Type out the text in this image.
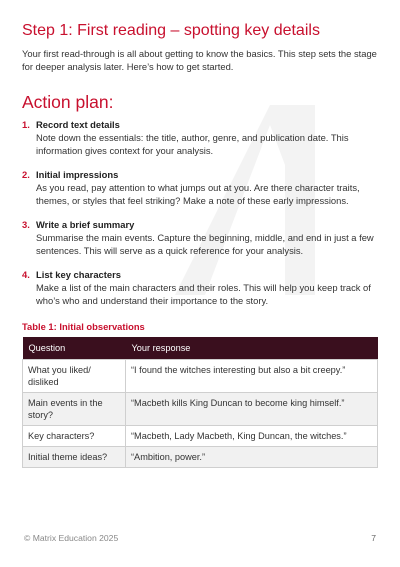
Step 1: First reading – spotting key details

Your first read-through is all about getting to know the basics. This step sets the stage for deeper analysis later. Here’s how to get started.

Action plan:
1. Record text details
Note down the essentials: the title, author, genre, and publication date. This information gives context for your analysis.
2. Initial impressions
As you read, pay attention to what jumps out at you. Are there character traits, themes, or styles that feel striking? Make a note of these early impressions.
3. Write a brief summary
Summarise the main events. Capture the beginning, middle, and end in just a few sentences. This will serve as a quick reference for your analysis.
4. List key characters
Make a list of the main characters and their roles. This will help you keep track of who’s who and understand their importance to the story.
Table 1: Initial observations
Question	Your response
What you liked/ disliked	“I found the witches interesting but also a bit creepy.”
Main events in the story?	“Macbeth kills King Duncan to become king himself.”
Key characters?	“Macbeth, Lady Macbeth, King Duncan, the witches.”
Initial theme ideas?	“Ambition, power.”
© Matrix Education 2025	7
